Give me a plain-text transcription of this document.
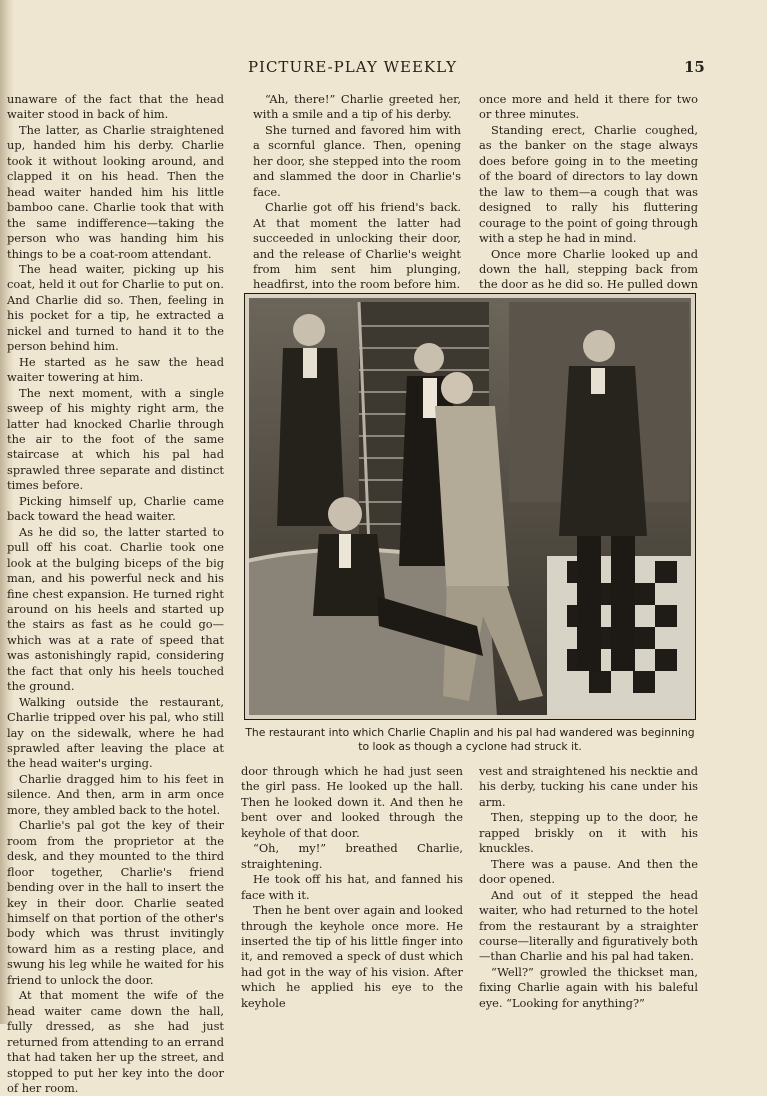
PICTURE-PLAY WEEKLY	15

unaware of the fact that the head waiter stood in back of him.

The latter, as Charlie straightened up, handed him his derby. Charlie took it without looking around, and clapped it on his head. Then the head waiter handed him his little bamboo cane. Charlie took that with the same indifference—taking the person who was handing him his things to be a coat-room attendant.

The head waiter, picking up his coat, held it out for Charlie to put on. And Charlie did so. Then, feeling in his pocket for a tip, he extracted a nickel and turned to hand it to the person behind him.

He started as he saw the head waiter towering at him.

The next moment, with a single sweep of his mighty right arm, the latter had knocked Charlie through the air to the foot of the same staircase at which his pal had sprawled three separate and distinct times before.

Picking himself up, Charlie came back toward the head waiter.

As he did so, the latter started to pull off his coat. Charlie took one look at the bulging biceps of the big man, and his powerful neck and his fine chest expansion. He turned right around on his heels and started up the stairs as fast as he could go—which was at a rate of speed that was astonishingly rapid, considering the fact that only his heels touched the ground.

Walking outside the restaurant, Charlie tripped over his pal, who still lay on the sidewalk, where he had sprawled after leaving the place at the head waiter's urging.

Charlie dragged him to his feet in silence. And then, arm in arm once more, they ambled back to the hotel.

Charlie's pal got the key of their room from the proprietor at the desk, and they mounted to the third floor together, Charlie's friend bending over in the hall to insert the key in their door. Charlie seated himself on that portion of the other's body which was thrust invitingly toward him as a resting place, and swung his leg while he waited for his friend to unlock the door.

At that moment the wife of the head waiter came down the hall, fully dressed, as she had just returned from attending to an errand that had taken her up the street, and stopped to put her key into the door of her room.

“Ah, there!” Charlie greeted her, with a smile and a tip of his derby.

She turned and favored him with a scornful glance. Then, opening her door, she stepped into the room and slammed the door in Charlie's face.

Charlie got off his friend's back. At that moment the latter had succeeded in unlocking their door, and the release of Charlie's weight from him sent him plunging, headfirst, into the room before him.

once more and held it there for two or three minutes.

Standing erect, Charlie coughed, as the banker on the stage always does before going in to the meeting of the board of directors to lay down the law to them—a cough that was designed to rally his fluttering courage to the point of going through with a step he had in mind.

Once more Charlie looked up and down the hall, stepping back from the door as he did so. He pulled down

The restaurant into which Charlie Chaplin and his pal had wandered was beginning to look as though a cyclone had struck it.

door through which he had just seen the girl pass. He looked up the hall. Then he looked down it. And then he bent over and looked through the keyhole of that door.

“Oh, my!” breathed Charlie, straightening.

He took off his hat, and fanned his face with it.

Then he bent over again and looked through the keyhole once more. He inserted the tip of his little finger into it, and removed a speck of dust which had got in the way of his vision. After which he applied his eye to the keyhole

vest and straightened his necktie and his derby, tucking his cane under his arm.

Then, stepping up to the door, he rapped briskly on it with his knuckles.

There was a pause. And then the door opened.

And out of it stepped the head waiter, who had returned to the hotel from the restaurant by a straighter course—literally and figuratively both—than Charlie and his pal had taken.

“Well?” growled the thickset man, fixing Charlie again with his baleful eye. “Looking for anything?”
